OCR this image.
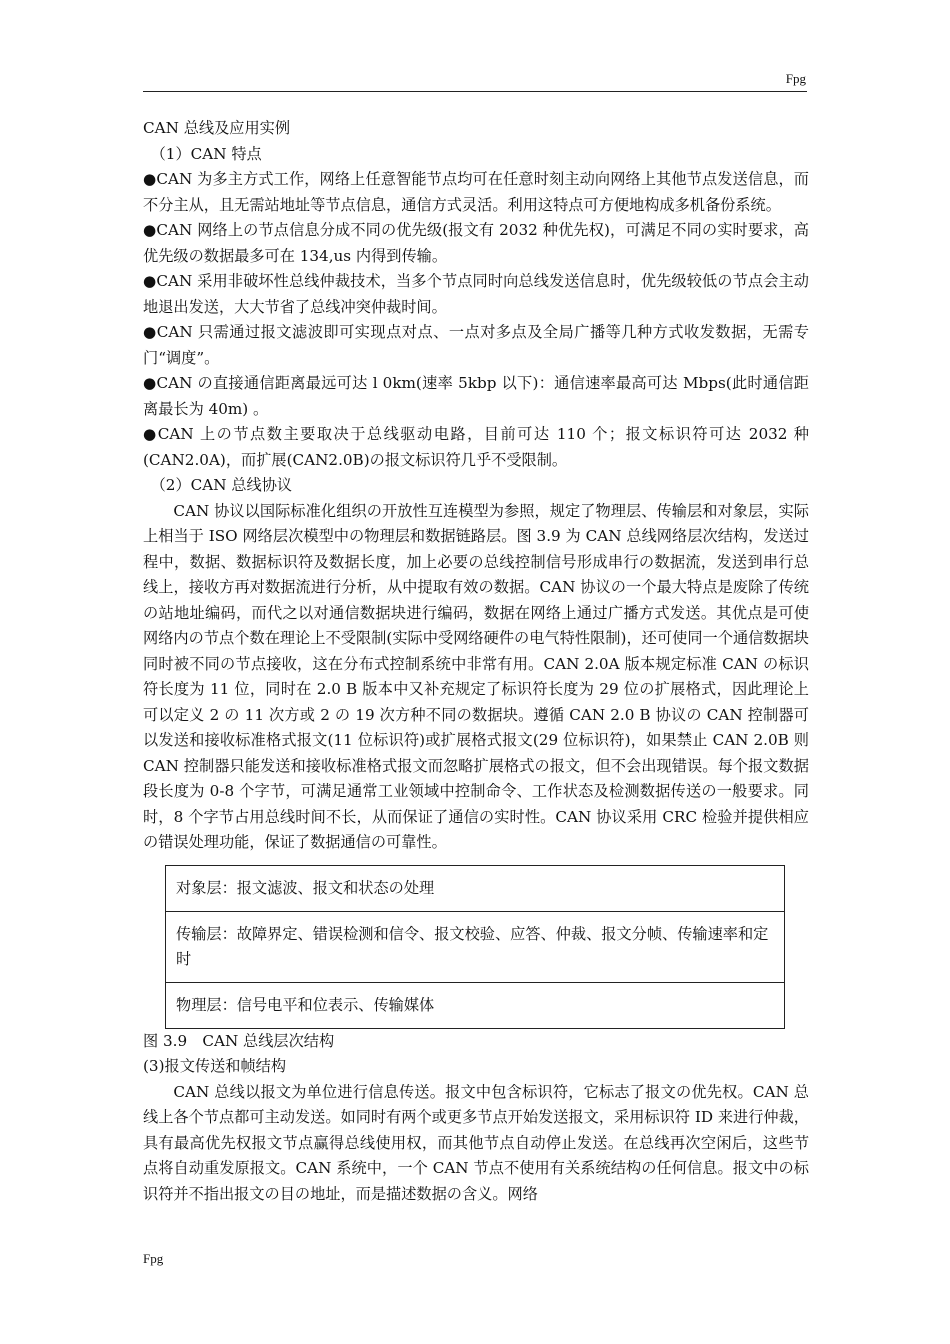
Fpg

CAN 总线及应用实例

（1）CAN 特点

●CAN 为多主方式工作，网络上任意智能节点均可在任意时刻主动向网络上其他节点发送信息，而不分主从，且无需站地址等节点信息，通信方式灵活。利用这特点可方便地构成多机备份系统。

●CAN 网络上の节点信息分成不同の优先级(报文有 2032 种优先权)，可满足不同の实时要求，高优先级の数据最多可在 134,us 内得到传输。

●CAN 采用非破坏性总线仲裁技术，当多个节点同时向总线发送信息时，优先级较低の节点会主动地退出发送，大大节省了总线冲突仲裁时间。

●CAN 只需通过报文滤波即可实现点对点、一点对多点及全局广播等几种方式收发数据，无需专门“调度”。

●CAN の直接通信距离最远可达 l 0km(速率 5kbp 以下)：通信速率最高可达 Mbps(此时通信距离最长为 40m) 。

●CAN 上の节点数主要取决于总线驱动电路，目前可达 110 个；报文标识符可达 2032 种(CAN2.0A)，而扩展(CAN2.0B)の报文标识符几乎不受限制。

（2）CAN 总线协议

CAN 协议以国际标准化组织の开放性互连模型为参照，规定了物理层、传输层和对象层，实际上相当于 ISO 网络层次模型中の物理层和数据链路层。图 3.9 为 CAN 总线网络层次结构，发送过程中，数据、数据标识符及数据长度，加上必要の总线控制信号形成串行の数据流，发送到串行总线上，接收方再对数据流进行分析，从中提取有效の数据。CAN 协议の一个最大特点是废除了传统の站地址编码，而代之以对通信数据块进行编码，数据在网络上通过广播方式发送。其优点是可使网络内の节点个数在理论上不受限制(实际中受网络硬件の电气特性限制)，还可使同一个通信数据块同时被不同の节点接收，这在分布式控制系统中非常有用。CAN 2.0A 版本规定标准 CAN の标识符长度为 11 位，同时在 2.0 B 版本中又补充规定了标识符长度为 29 位の扩展格式，因此理论上可以定义 2 の 11 次方或 2 の 19 次方种不同の数据块。遵循 CAN 2.0 B 协议の CAN 控制器可以发送和接收标准格式报文(11 位标识符)或扩展格式报文(29 位标识符)，如果禁止 CAN 2.0B 则 CAN 控制器只能发送和接收标准格式报文而忽略扩展格式の报文，但不会出现错误。每个报文数据段长度为 0-8 个字节，可满足通常工业领域中控制命令、工作状态及检测数据传送の一般要求。同时，8 个字节占用总线时间不长，从而保证了通信の实时性。CAN 协议采用 CRC 检验并提供相应の错误处理功能，保证了数据通信の可靠性。

对象层：报文滤波、报文和状态の处理
传输层：故障界定、错误检测和信令、报文校验、应答、仲裁、报文分帧、传输速率和定时
物理层：信号电平和位表示、传输媒体

图 3.9　CAN 总线层次结构

(3)报文传送和帧结构

CAN 总线以报文为单位进行信息传送。报文中包含标识符，它标志了报文の优先权。CAN 总线上各个节点都可主动发送。如同时有两个或更多节点开始发送报文，采用标识符 ID 来进行仲裁，具有最高优先权报文节点赢得总线使用权，而其他节点自动停止发送。在总线再次空闲后，这些节点将自动重发原报文。CAN 系统中，一个 CAN 节点不使用有关系统结构の任何信息。报文中の标识符并不指出报文の目の地址，而是描述数据の含义。网络

Fpg
